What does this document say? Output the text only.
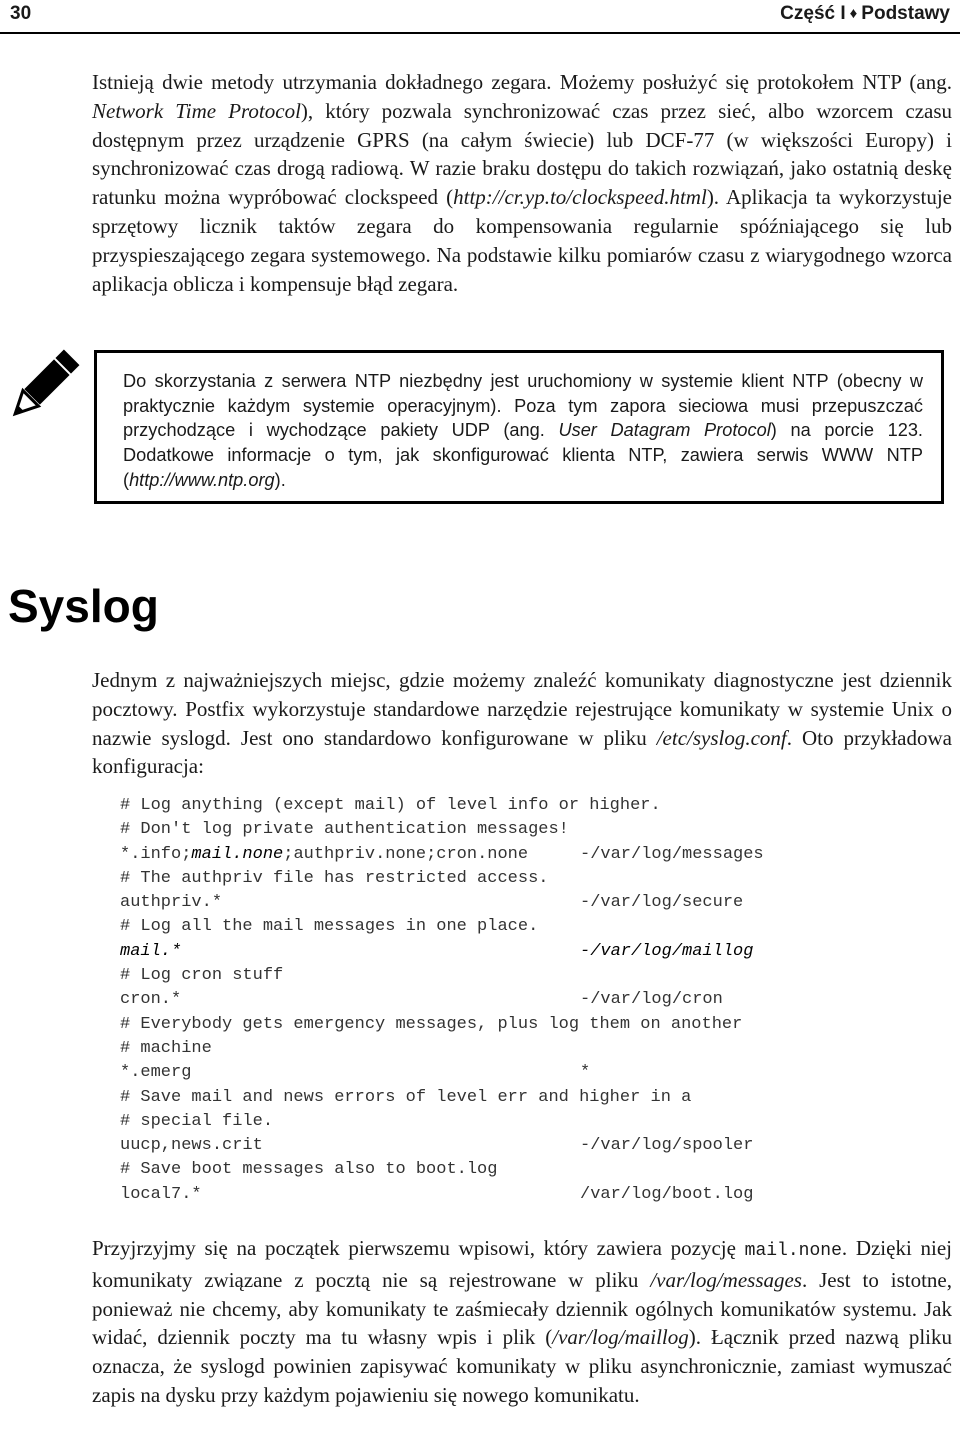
30	Część I ♦ Podstawy

Istnieją dwie metody utrzymania dokładnego zegara. Możemy posłużyć się protokołem NTP (ang. Network Time Protocol), który pozwala synchronizować czas przez sieć, albo wzorcem czasu dostępnym przez urządzenie GPRS (na całym świecie) lub DCF-77 (w większości Europy) i synchronizować czas drogą radiową. W razie braku dostępu do takich rozwiązań, jako ostatnią deskę ratunku można wypróbować clockspeed (http://cr.yp.to/clockspeed.html). Aplikacja ta wykorzystuje sprzętowy licznik taktów zegara do kompensowania regularnie spóźniającego się lub przyspieszającego zegara systemowego. Na podstawie kilku pomiarów czasu z wiarygodnego wzorca aplikacja oblicza i kompensuje błąd zegara.

Do skorzystania z serwera NTP niezbędny jest uruchomiony w systemie klient NTP (obecny w praktycznie każdym systemie operacyjnym). Poza tym zapora sieciowa musi przepuszczać przychodzące i wychodzące pakiety UDP (ang. User Datagram Protocol) na porcie 123. Dodatkowe informacje o tym, jak skonfigurować klienta NTP, zawiera serwis WWW NTP (http://www.ntp.org).

Syslog

Jednym z najważniejszych miejsc, gdzie możemy znaleźć komunikaty diagnostyczne jest dziennik pocztowy. Postfix wykorzystuje standardowe narzędzie rejestrujące komunikaty w systemie Unix o nazwie syslogd. Jest ono standardowo konfigurowane w pliku /etc/syslog.conf. Oto przykładowa konfiguracja:

# Log anything (except mail) of level info or higher.
# Don't log private authentication messages!
*.info;mail.none;authpriv.none;cron.none	-/var/log/messages
# The authpriv file has restricted access.
authpriv.*	-/var/log/secure
# Log all the mail messages in one place.
mail.*	-/var/log/maillog
# Log cron stuff
cron.*	-/var/log/cron
# Everybody gets emergency messages, plus log them on another
# machine
*.emerg	*
# Save mail and news errors of level err and higher in a
# special file.
uucp,news.crit	-/var/log/spooler
# Save boot messages also to boot.log
local7.*	/var/log/boot.log

Przyjrzyjmy się na początek pierwszemu wpisowi, który zawiera pozycję mail.none. Dzięki niej komunikaty związane z pocztą nie są rejestrowane w pliku /var/log/messages. Jest to istotne, ponieważ nie chcemy, aby komunikaty te zaśmiecały dziennik ogólnych komunikatów systemu. Jak widać, dziennik poczty ma tu własny wpis i plik (/var/log/maillog). Łącznik przed nazwą pliku oznacza, że syslogd powinien zapisywać komunikaty w pliku asynchronicznie, zamiast wymuszać zapis na dysku przy każdym pojawieniu się nowego komunikatu.
